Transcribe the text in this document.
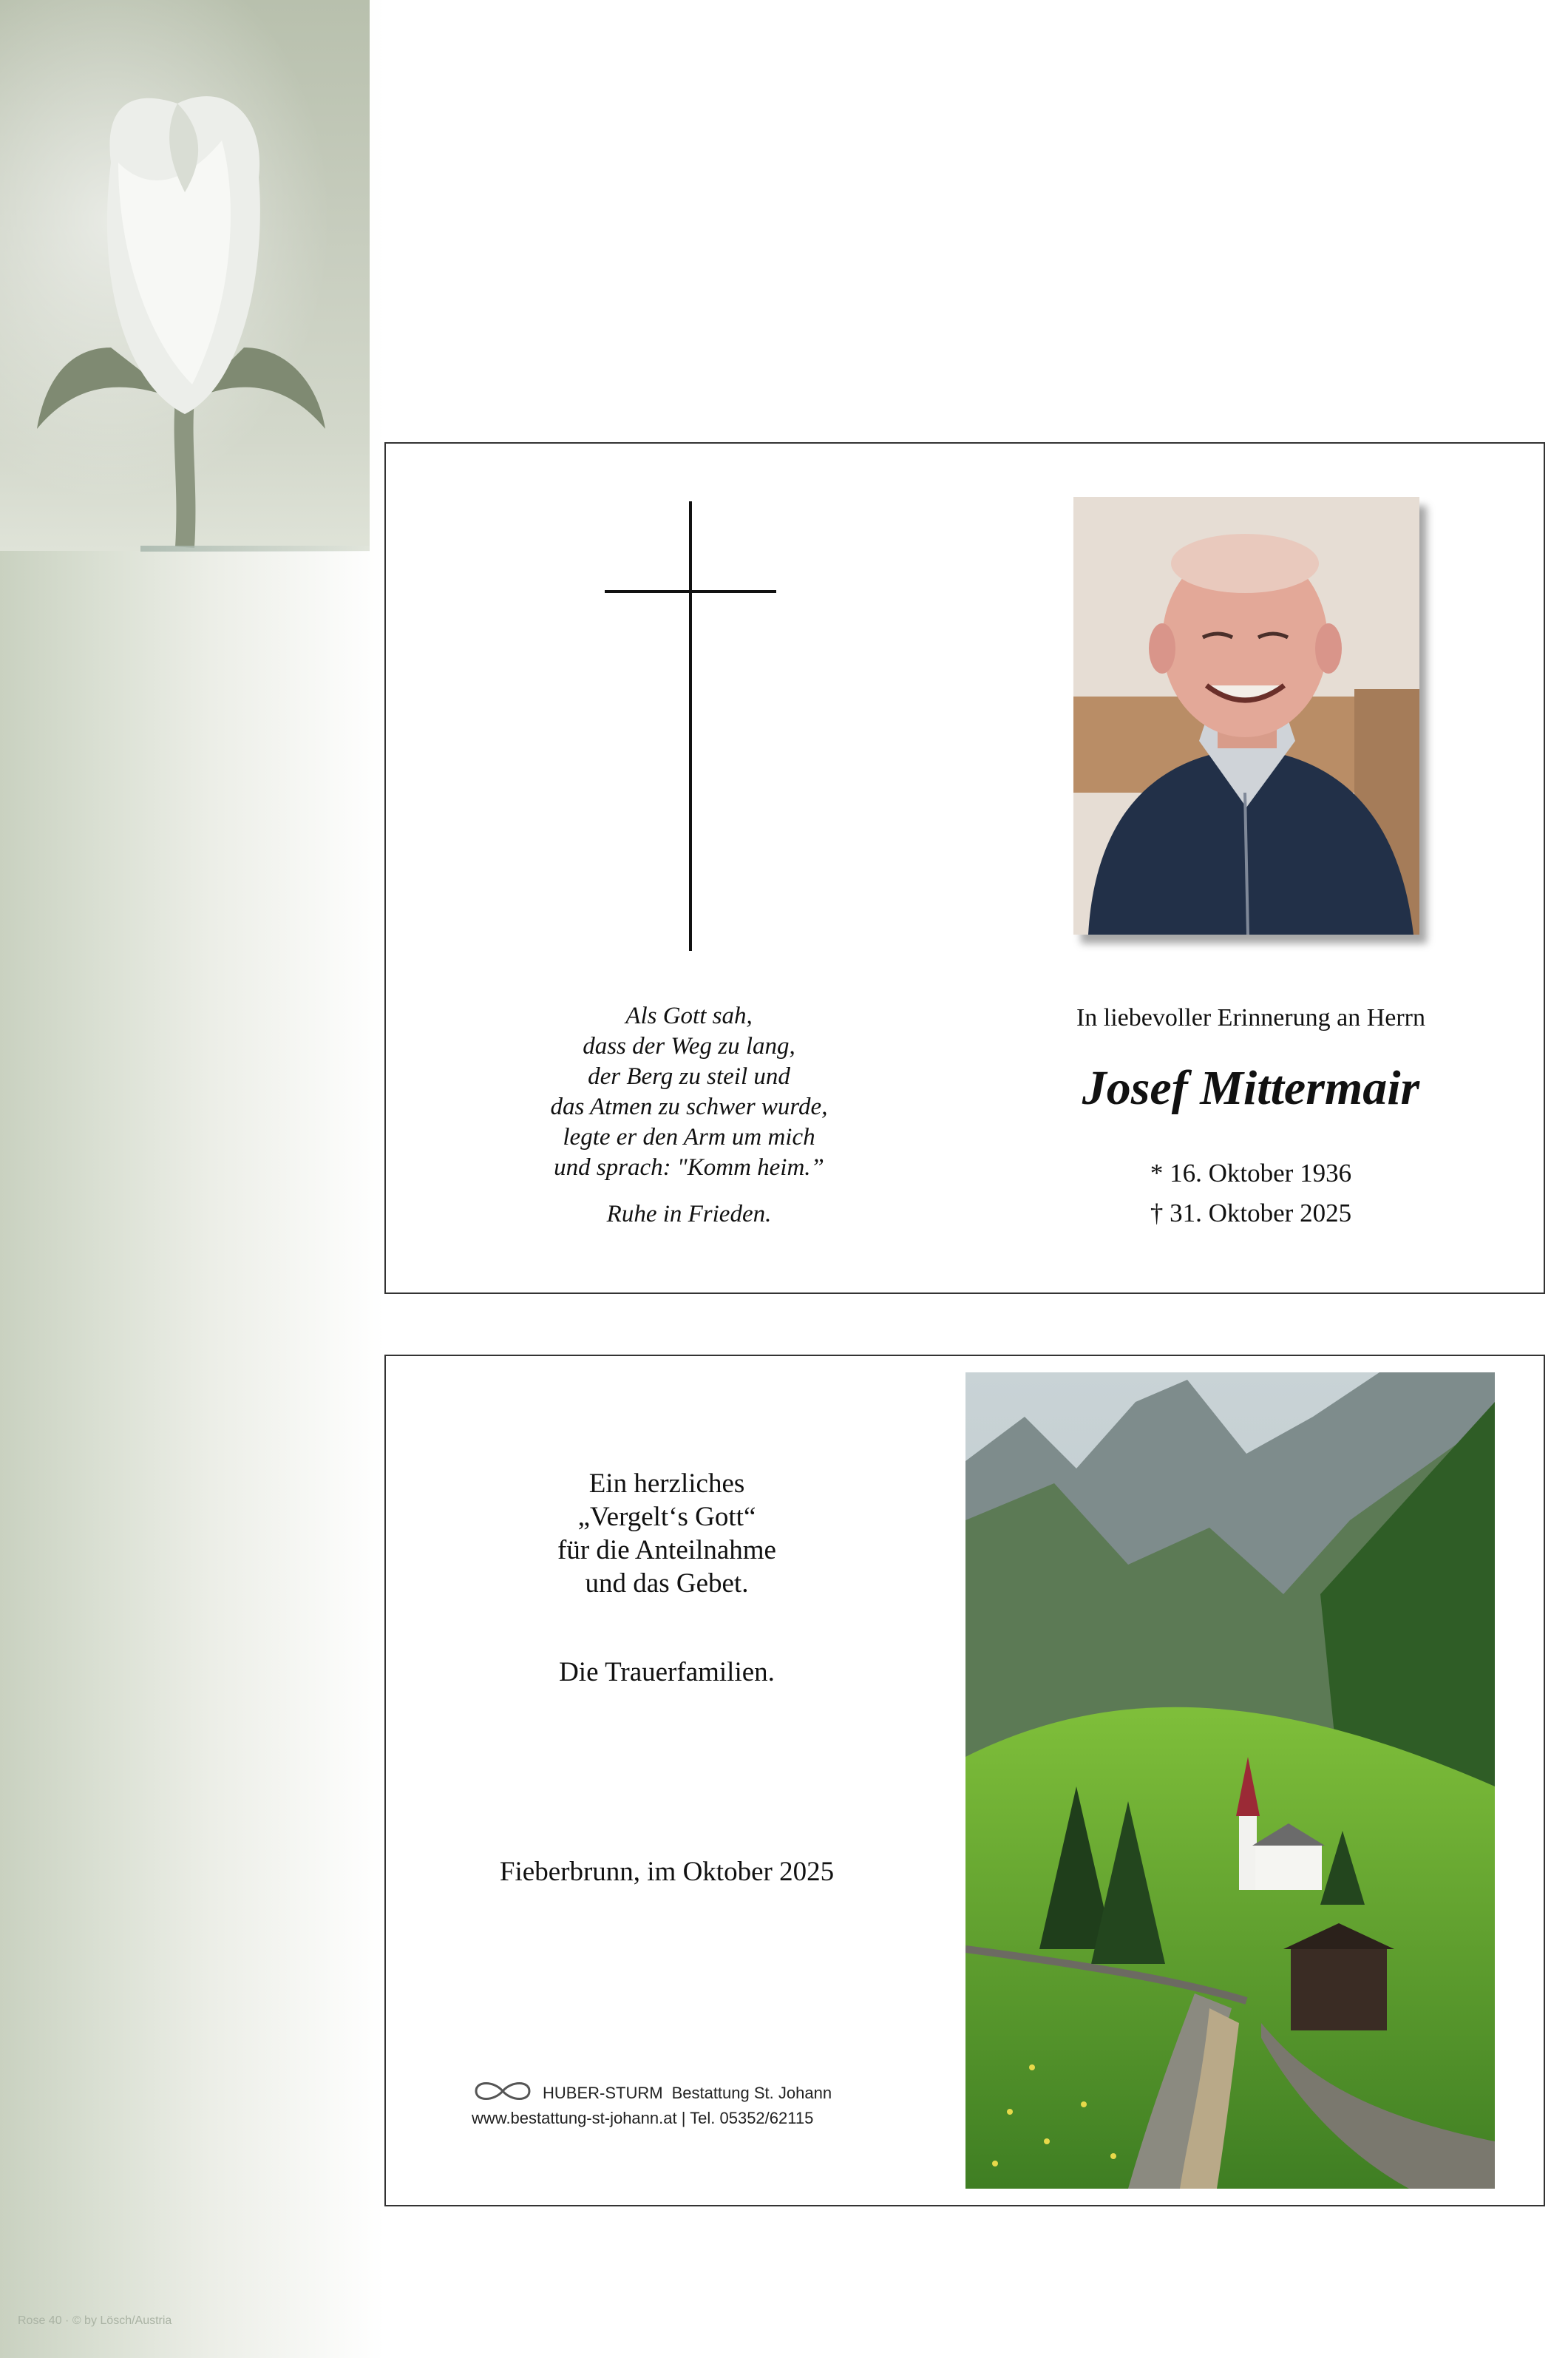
Rose 40 · © by Lösch/Austria
Als Gott sah,
dass der Weg zu lang,
der Berg zu steil und
das Atmen zu schwer wurde,
legte er den Arm um mich
und sprach: "Komm heim.”
Ruhe in Frieden.
In liebevoller Erinnerung an Herrn
Josef Mittermair
* 16. Oktober 1936
† 31. Oktober 2025
Ein herzliches
„Vergelt‘s Gott“
für die Anteilnahme
und das Gebet.
Die Trauerfamilien.
Fieberbrunn, im Oktober 2025
HUBER-STURM Bestattung St. Johann
www.bestattung-st-johann.at | Tel. 05352/62115
